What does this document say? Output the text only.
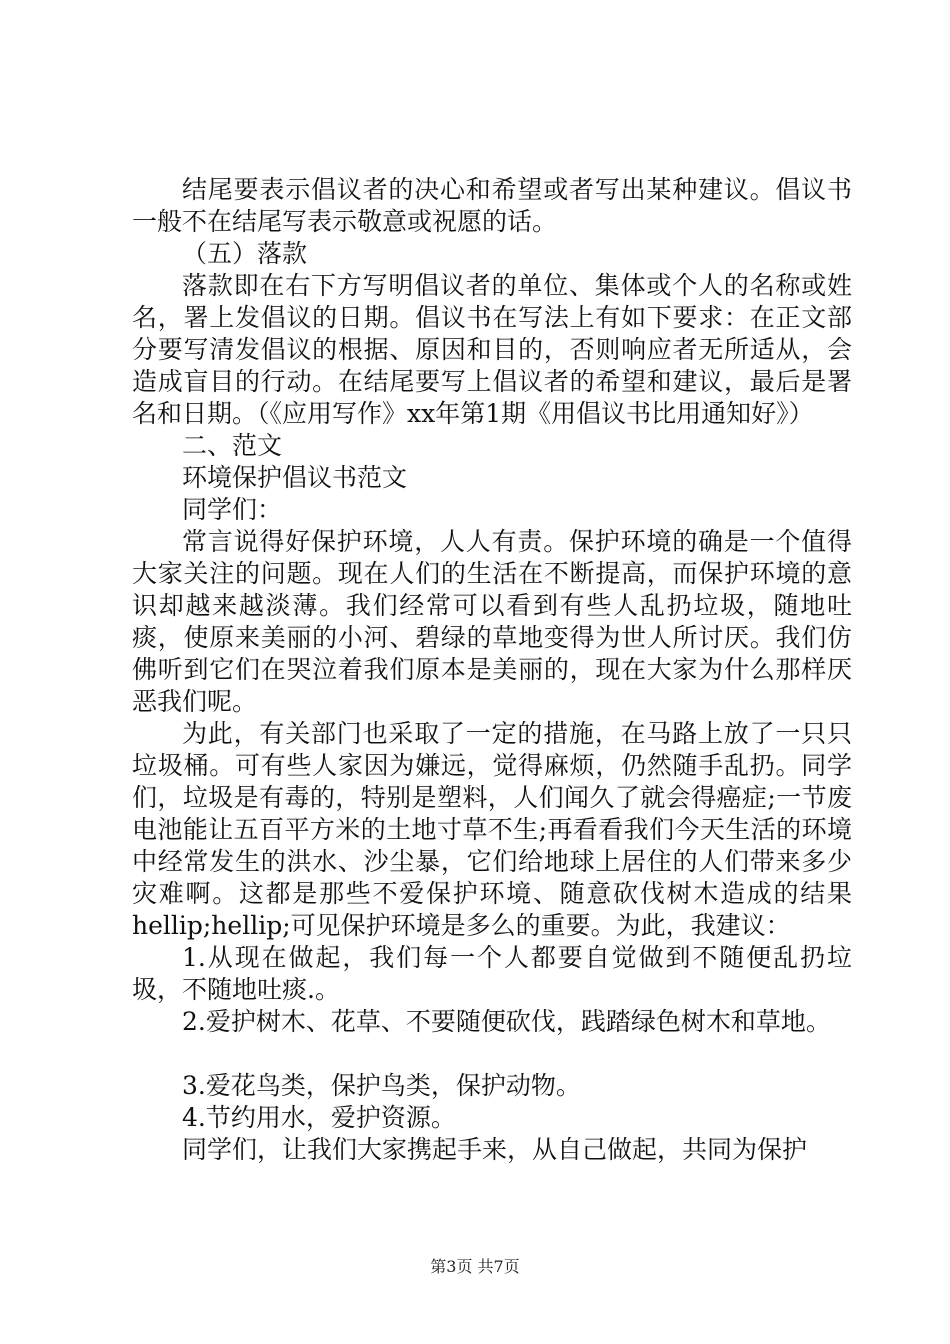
结尾要表示倡议者的决心和希望或者写出某种建议。倡议书一般不在结尾写表示敬意或祝愿的话。

（五）落款

落款即在右下方写明倡议者的单位、集体或个人的名称或姓名，署上发倡议的日期。倡议书在写法上有如下要求：在正文部分要写清发倡议的根据、原因和目的，否则响应者无所适从，会造成盲目的行动。在结尾要写上倡议者的希望和建议，最后是署名和日期。（《应用写作》xx年第1期《用倡议书比用通知好》）

二、范文

环境保护倡议书范文

同学们：

常言说得好保护环境，人人有责。保护环境的确是一个值得大家关注的问题。现在人们的生活在不断提高，而保护环境的意识却越来越淡薄。我们经常可以看到有些人乱扔垃圾，随地吐痰，使原来美丽的小河、碧绿的草地变得为世人所讨厌。我们仿佛听到它们在哭泣着我们原本是美丽的，现在大家为什么那样厌恶我们呢。

为此，有关部门也采取了一定的措施，在马路上放了一只只垃圾桶。可有些人家因为嫌远，觉得麻烦，仍然随手乱扔。同学们，垃圾是有毒的，特别是塑料，人们闻久了就会得癌症;一节废电池能让五百平方米的土地寸草不生;再看看我们今天生活的环境中经常发生的洪水、沙尘暴，它们给地球上居住的人们带来多少灾难啊。这都是那些不爱保护环境、随意砍伐树木造成的结果hellip;hellip;可见保护环境是多么的重要。为此，我建议：

1.从现在做起，我们每一个人都要自觉做到不随便乱扔垃圾，不随地吐痰.。

2.爱护树木、花草、不要随便砍伐，践踏绿色树木和草地。

3.爱花鸟类，保护鸟类，保护动物。

4.节约用水，爱护资源。

同学们，让我们大家携起手来，从自己做起，共同为保护

第3页 共7页
